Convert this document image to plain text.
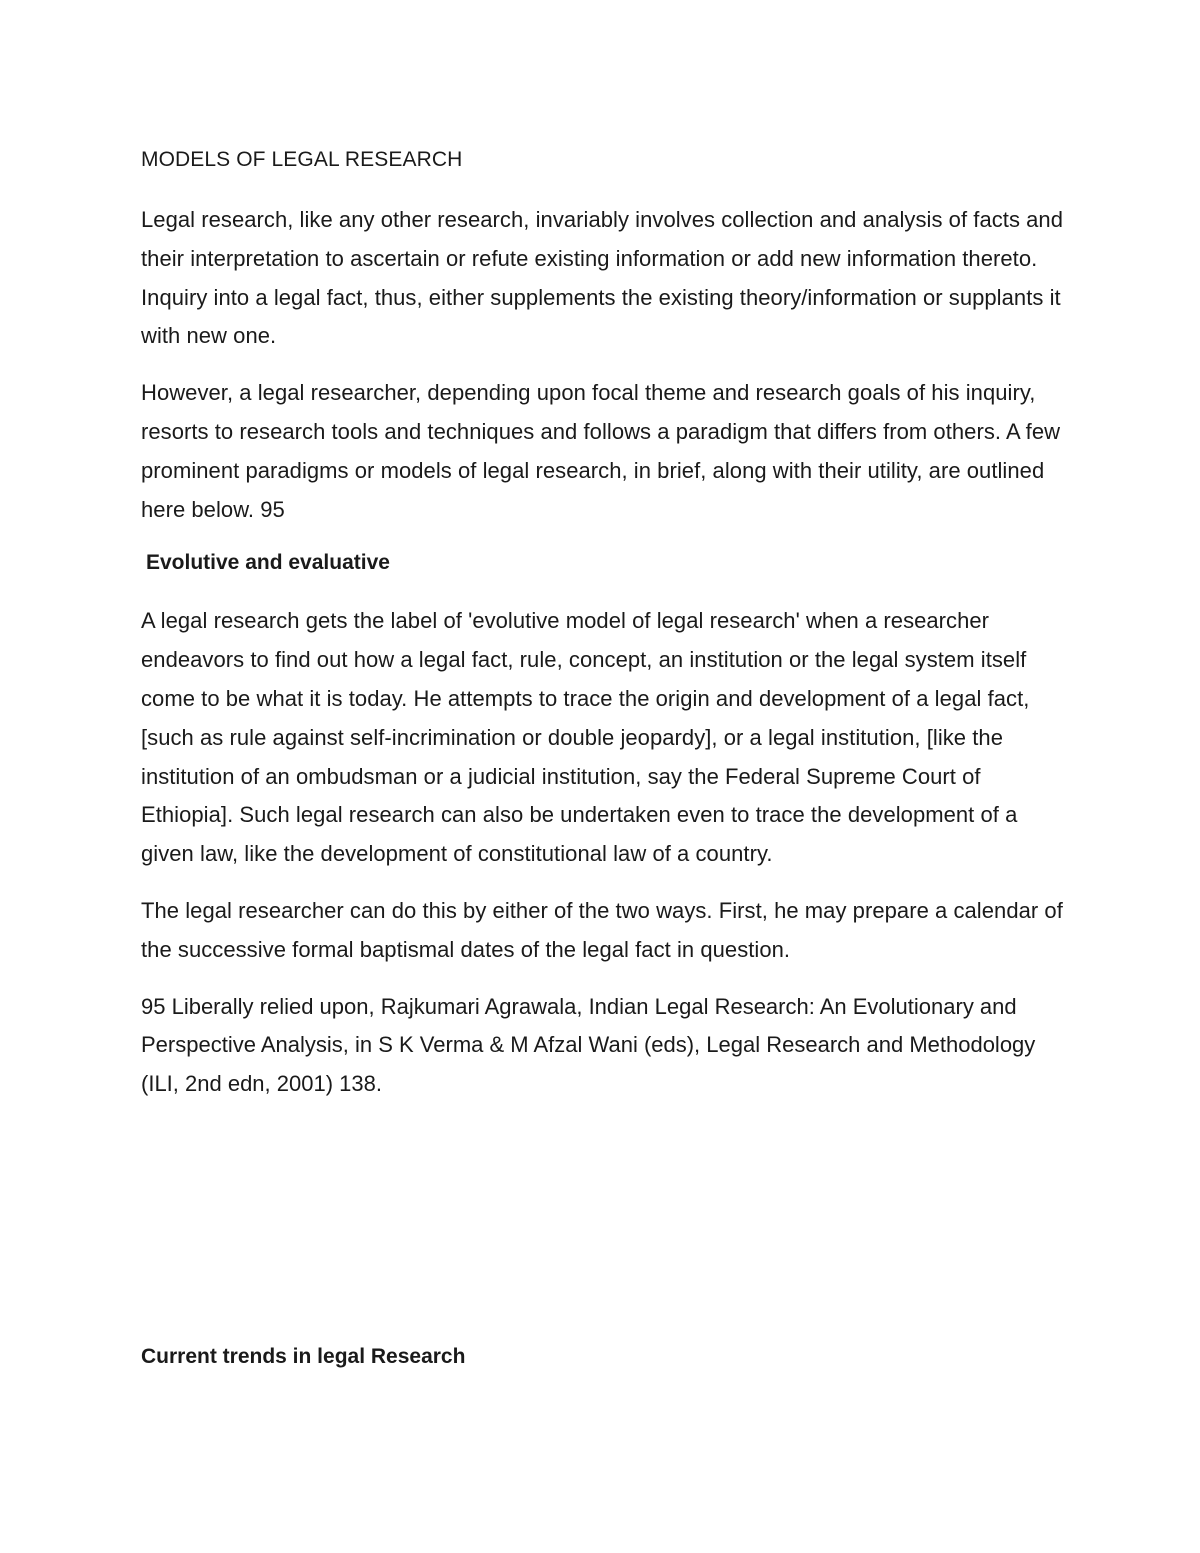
MODELS OF LEGAL RESEARCH

Legal research, like any other research, invariably involves collection and analysis of facts and their interpretation to ascertain or refute existing information or add new information thereto. Inquiry into a legal fact, thus, either supplements the existing theory/information or supplants it with new one.

However, a legal researcher, depending upon focal theme and research goals of his inquiry, resorts to research tools and techniques and follows a paradigm that differs from others. A few prominent paradigms or models of legal research, in brief, along with their utility, are outlined here below. 95

Evolutive and evaluative

A legal research gets the label of 'evolutive model of legal research' when a researcher endeavors to find out how a legal fact, rule, concept, an institution or the legal system itself come to be what it is today. He attempts to trace the origin and development of a legal fact, [such as rule against self-incrimination or double jeopardy], or a legal institution, [like the institution of an ombudsman or a judicial institution, say the Federal Supreme Court of Ethiopia]. Such legal research can also be undertaken even to trace the development of a given law, like the development of constitutional law of a country.

The legal researcher can do this by either of the two ways. First, he may prepare a calendar of the successive formal baptismal dates of the legal fact in question.

95 Liberally relied upon, Rajkumari Agrawala, Indian Legal Research: An Evolutionary and Perspective Analysis, in S K Verma & M Afzal Wani (eds), Legal Research and Methodology (ILI, 2nd edn, 2001) 138.

Current trends in legal Research
